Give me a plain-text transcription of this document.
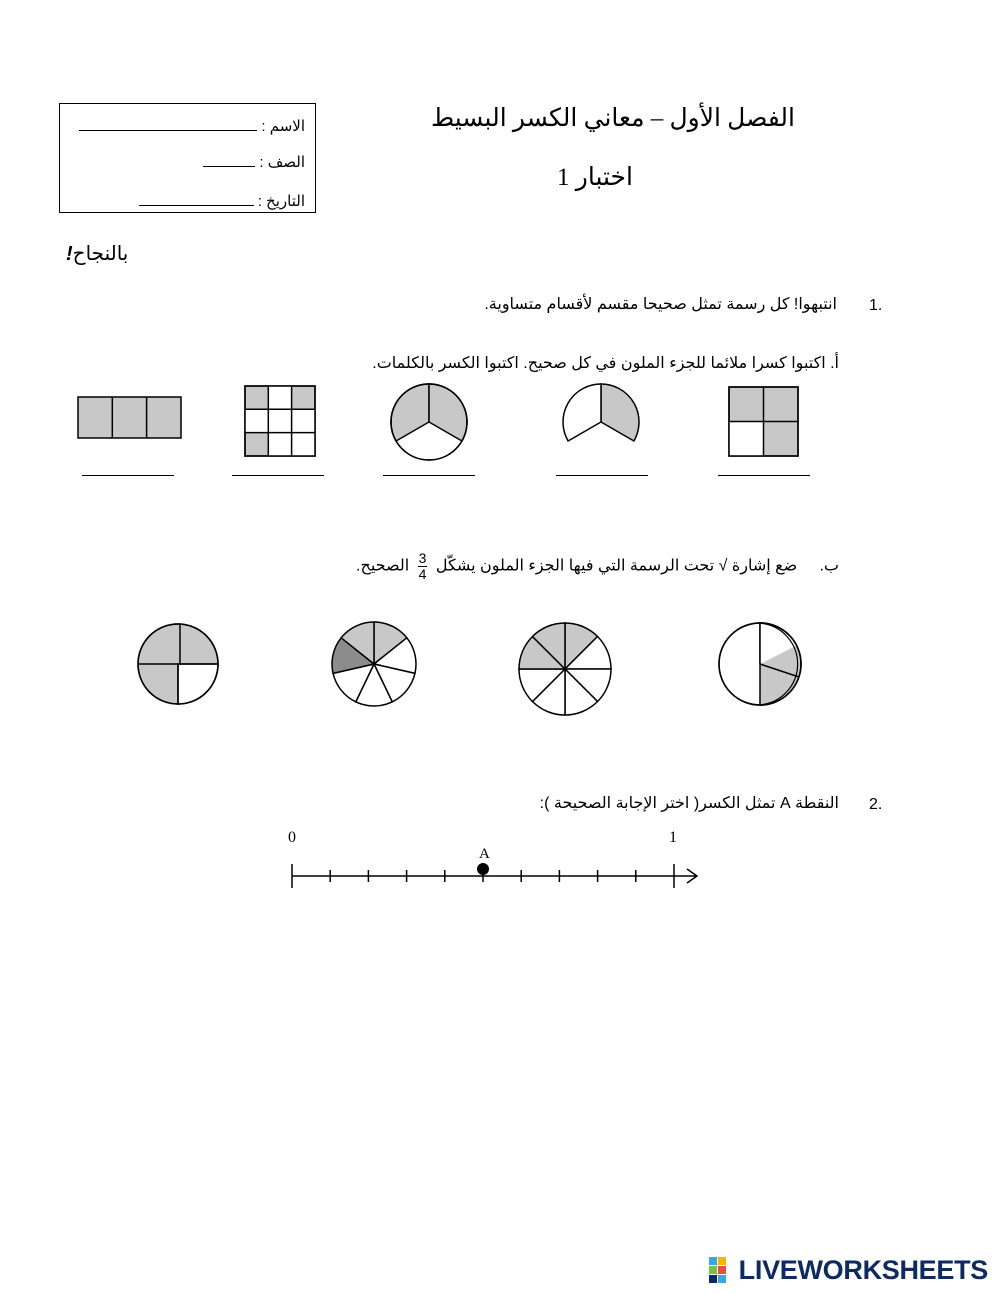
الاسم :
الصف :
التاريخ :
الفصل الأول – معاني الكسر البسيط
اختبار 1
بالنجاح!
1.
انتبهوا! كل رسمة تمثل صحيحا مقسم لأقسام متساوية.
أ. اكتبوا كسرا ملائما للجزء الملون في كل صحيح. اكتبوا الكسر بالكلمات.
ب.     ضع إشارة √ تحت الرسمة التي فيها الجزء الملون يشكّل
$\frac{3}{4}$
الصحيح.
2.
النقطة A تمثل الكسر( اختر الإجابة الصحيحة ):
0	1
A
LIVEWORKSHEETS
